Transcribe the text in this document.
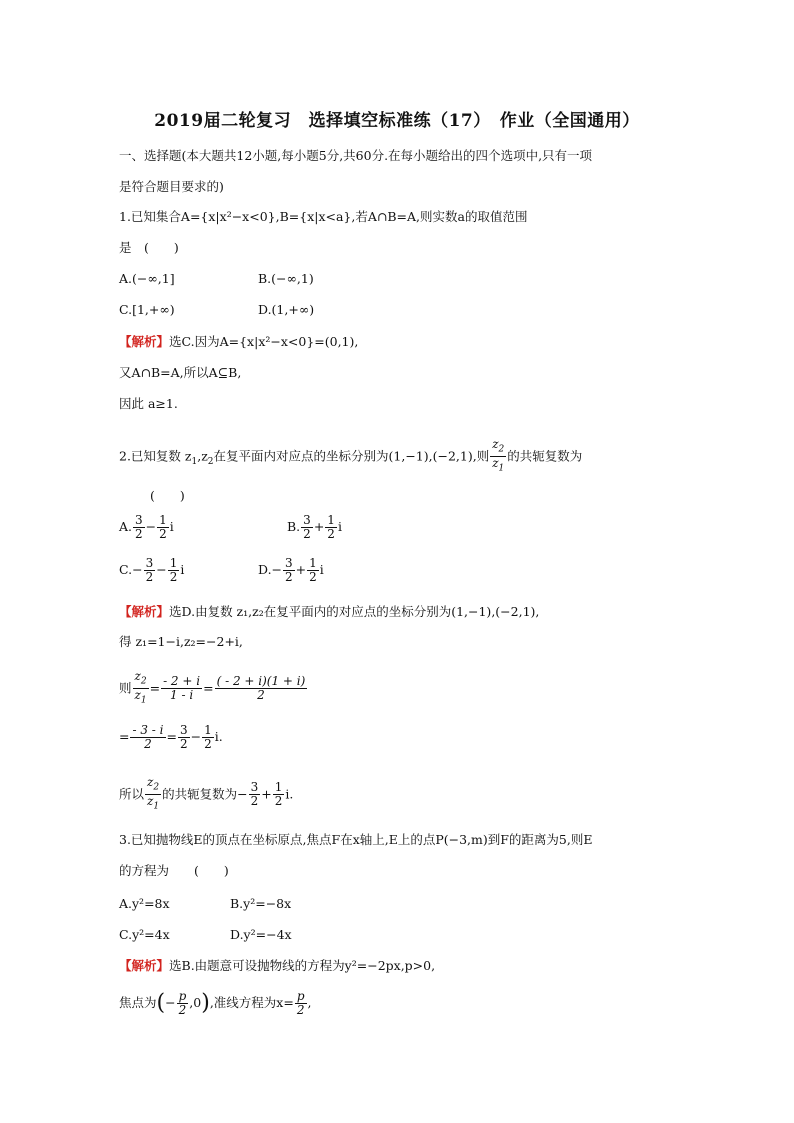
2019届二轮复习　选择填空标准练（17）　作业（全国通用）
一、选择题(本大题共12小题,每小题5分,共60分.在每小题给出的四个选项中,只有一项
是符合题目要求的)
1.已知集合A={x|x²−x<0},B={x|x<a},若A∩B=A,则实数a的取值范围
是　(　　)
A.(−∞,1]	B.(−∞,1)
C.[1,+∞)	D.(1,+∞)
【解析】选C.因为A={x|x²−x<0}=(0,1),
又A∩B=A,所以A⊆B,
因此 a≥1.
2.已知复数 $z_1,z_2$在复平面内对应点的坐标分别为(1,−1),(−2,1),则 $\frac{z_2}{z_1}$ 的共轭复数为
(　　)
A. $\frac{3}{2} - \frac{1}{2}$ i	B. $\frac{3}{2} + \frac{1}{2}$ i
$C.- \frac{3}{2} - \frac{1}{2}$ i	$D.- \frac{3}{2} + \frac{1}{2}$ i
【解析】选D.由复数 z₁,z₂在复平面内的对应点的坐标分别为(1,−1),(−2,1),
得 z₁=1−i,z₂=−2+i,
则 $\frac{z_2}{z_1} = \frac{- 2 + i}{1 - i} = \frac{( - 2 + i)(1 + i)}{2}$
= $\frac{- 3 - i}{2} = \frac{3}{2} - \frac{1}{2} i$.
所以 $\frac{z_2}{z_1}$ 的共轭复数为− $\frac{3}{2} + \frac{1}{2} i$.
3.已知抛物线E的顶点在坐标原点,焦点F在x轴上,E上的点P(−3,m)到F的距离为5,则E
的方程为　　(　　)
A.y²=8x	B.y²=−8x
C.y²=4x	D.y²=−4x
【解析】选B.由题意可设抛物线的方程为y²=−2px,p>0,
焦点为(− $\frac{p}{2} ,0$),准线方程为$x= \frac{p}{2}$ ,
